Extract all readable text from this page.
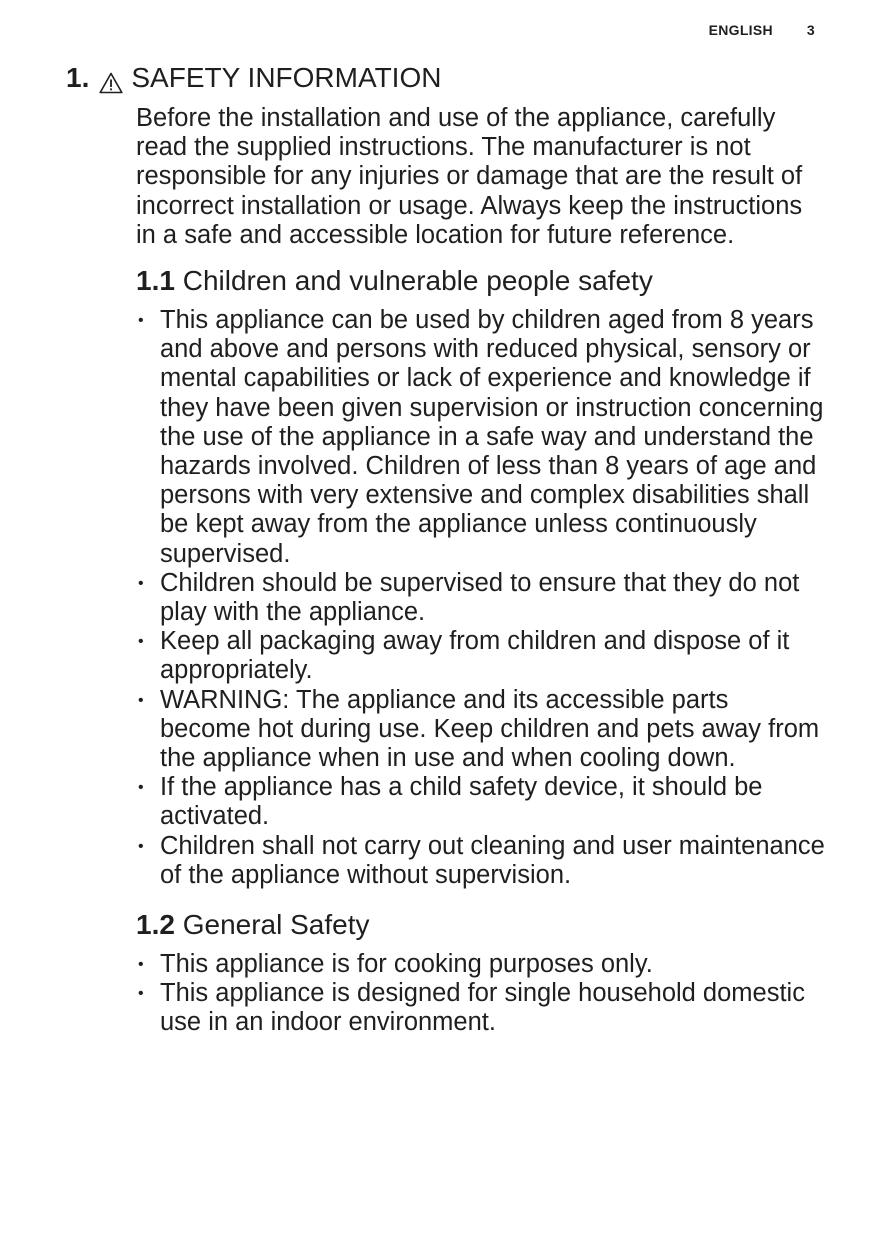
ENGLISH 3
1. SAFETY INFORMATION

Before the installation and use of the appliance, carefully read the supplied instructions. The manufacturer is not responsible for any injuries or damage that are the result of incorrect installation or usage. Always keep the instructions in a safe and accessible location for future reference.

1.1 Children and vulnerable people safety
• This appliance can be used by children aged from 8 years and above and persons with reduced physical, sensory or mental capabilities or lack of experience and knowledge if they have been given supervision or instruction concerning the use of the appliance in a safe way and understand the hazards involved. Children of less than 8 years of age and persons with very extensive and complex disabilities shall be kept away from the appliance unless continuously supervised.
• Children should be supervised to ensure that they do not play with the appliance.
• Keep all packaging away from children and dispose of it appropriately.
• WARNING: The appliance and its accessible parts become hot during use. Keep children and pets away from the appliance when in use and when cooling down.
• If the appliance has a child safety device, it should be activated.
• Children shall not carry out cleaning and user maintenance of the appliance without supervision.
1.2 General Safety
• This appliance is for cooking purposes only.
• This appliance is designed for single household domestic use in an indoor environment.
